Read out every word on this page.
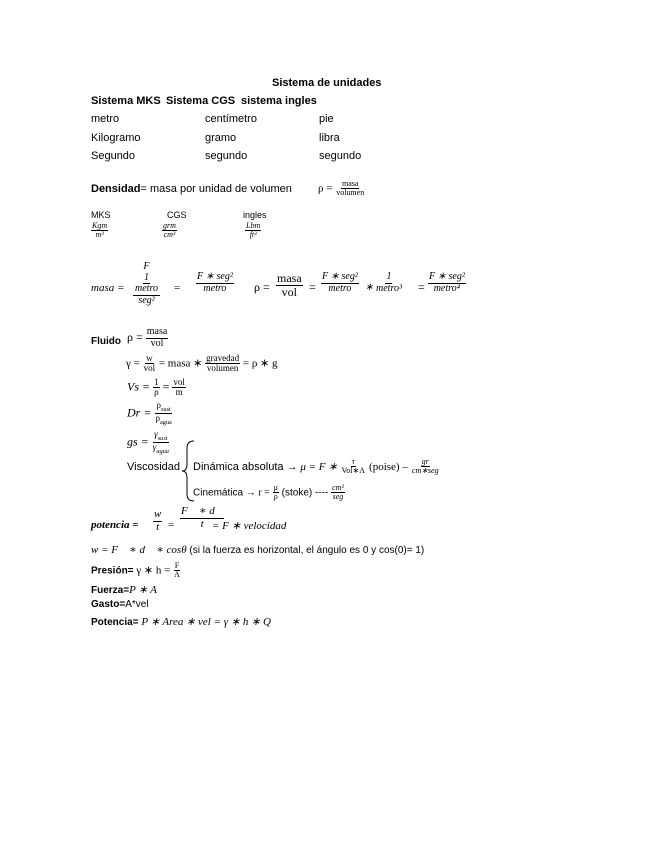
Sistema de unidades
Sistema MKS Sistema CGS sistema ingles
metro	centímetro	pie
Kilogramo	gramo	libra
Segundo	segundo	segundo
Densidad= masa por unidad de volumen $\rho = \frac{\text{masa}}{\text{volumen}}$
MKS	CGS	ingles
$\frac{\text{Kgm}}{\text{m³}}$	$\frac{\text{grm}}{\text{cm³}}$	$\frac{\text{Lbm}}{\text{ft³}}$
masa = F
$\frac{1}{\text{metro}}$
$seg^2 = \frac{\text{F ∗ seg²}}{\text{metro}}$ $\rho = \frac{\text{masa}}{\text{vol}} = \frac{\text{F ∗ seg²}}{\text{metro}}$ ∗ $\frac{1}{\text{metro³}} = \frac{\text{F ∗ seg²}}{\text{metro⁴}}$
Fluido $\rho = \frac{\text{masa}}{\text{vol}}$
$\gamma = \frac{w}{\text{vol}}$ = masa ∗ $\frac{\text{gravedad}}{\text{volumen}} = \rho$ ∗ g
$Vs = \frac{1}{\rho} = \frac{\text{vol}}{m}$
$Dr = \frac{\rho_{sust}}{\rho_{agua}}$
gs = $\frac{\gamma_{sust}}{\gamma_{agua}}$
Viscosidad Dinámica absoluta → μ = F ∗ $\frac{\tau}{\text{Vol∗A}}$ (poise) – $\frac{gr}{\text{cm∗seg}}$
Cinemática → $r = \frac{\mu}{\rho}$ (stoke) ---- $\frac{\text{cm²}}{\text{seg}}$
potencia = $\frac{w}{t} = \frac{F⃗ ∗ d⃗}{t}$
= F ∗ velocidad
w = F⃗ ∗ d⃗ ∗ cosθ (si la fuerza es horizontal, el ángulo es 0 y cos(0)= 1)
Presión= γ ∗ $h = \frac{F}{A}$
Fuerza=P ∗ A
Gasto=A*vel
Potencia= P ∗ Area ∗ vel = γ ∗ h ∗ Q
